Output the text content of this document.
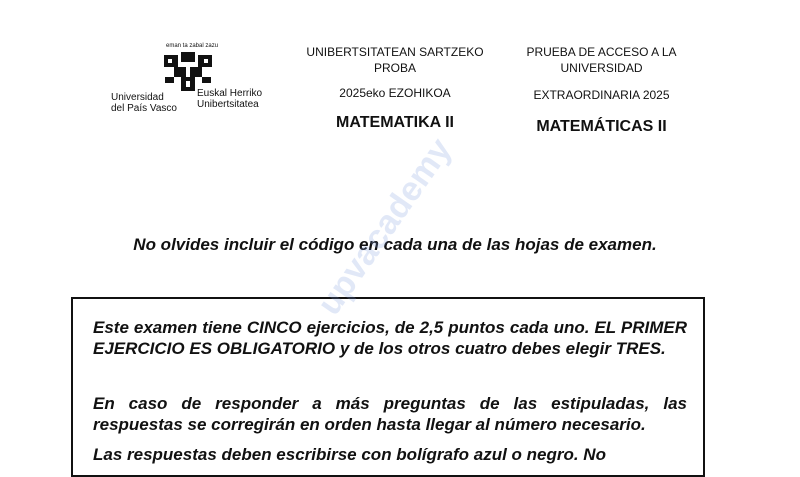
eman ta zabal zazu
Universidad
del País Vasco
Euskal Herriko
Unibertsitatea
UNIBERTSITATEAN SARTZEKO
PROBA
2025eko EZOHIKOA
MATEMATIKA II
PRUEBA DE ACCESO A LA
UNIVERSIDAD
EXTRAORDINARIA 2025
MATEMÁTICAS II
No olvides incluir el código en cada una de las hojas de examen.

Este examen tiene CINCO ejercicios, de 2,5 puntos cada uno. EL PRIMER EJERCICIO ES OBLIGATORIO y de los otros cuatro debes elegir TRES.

En caso de responder a más preguntas de las estipuladas, las respuestas se corregirán en orden hasta llegar al número necesario.

Las respuestas deben escribirse con bolígrafo azul o negro. No

upvacademy
